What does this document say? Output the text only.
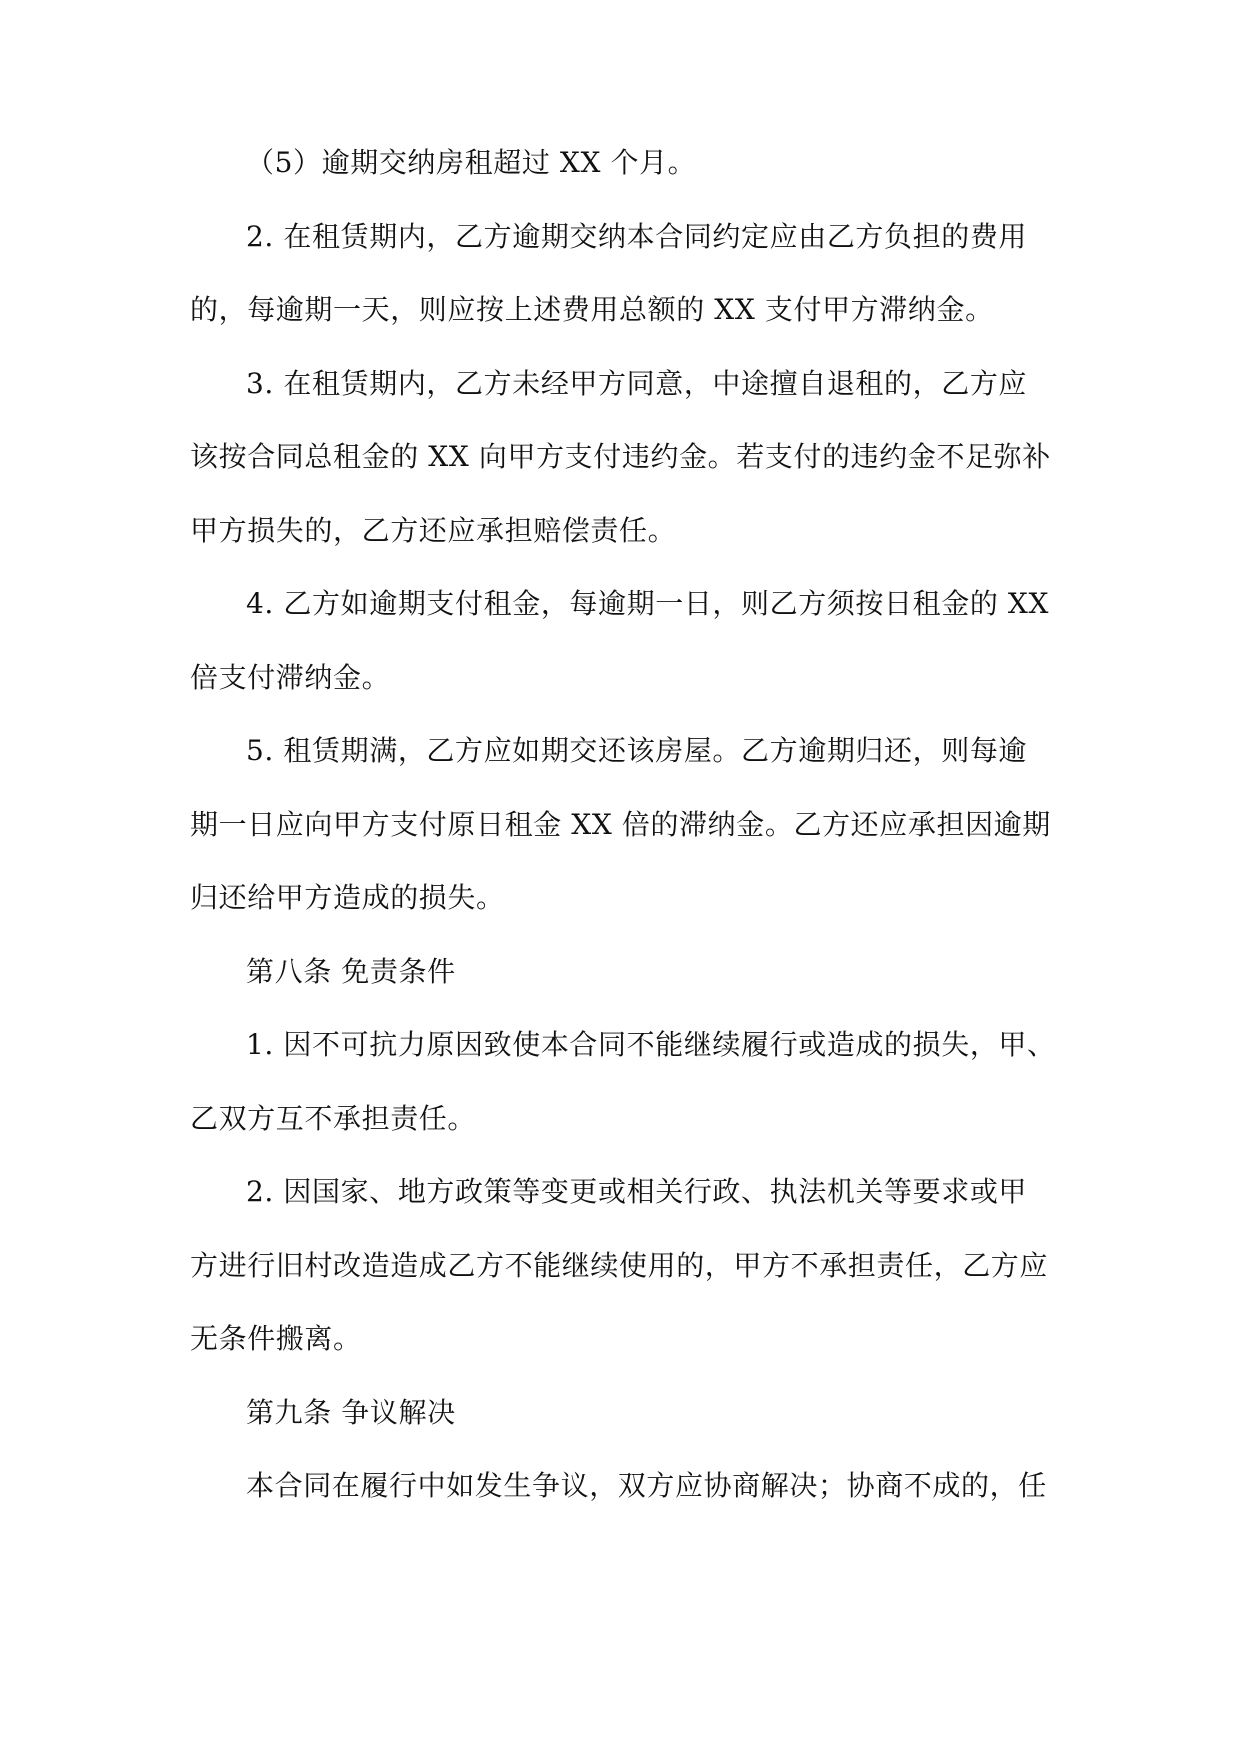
（5）逾期交纳房租超过 XX 个月。
2. 在租赁期内，乙方逾期交纳本合同约定应由乙方负担的费用
的，每逾期一天，则应按上述费用总额的 XX 支付甲方滞纳金。
3. 在租赁期内，乙方未经甲方同意，中途擅自退租的，乙方应
该按合同总租金的 XX 向甲方支付违约金。若支付的违约金不足弥补
甲方损失的，乙方还应承担赔偿责任。
4. 乙方如逾期支付租金，每逾期一日，则乙方须按日租金的 XX
倍支付滞纳金。
5. 租赁期满，乙方应如期交还该房屋。乙方逾期归还，则每逾
期一日应向甲方支付原日租金 XX 倍的滞纳金。乙方还应承担因逾期
归还给甲方造成的损失。
第八条 免责条件
1. 因不可抗力原因致使本合同不能继续履行或造成的损失，甲、
乙双方互不承担责任。
2. 因国家、地方政策等变更或相关行政、执法机关等要求或甲
方进行旧村改造造成乙方不能继续使用的，甲方不承担责任，乙方应
无条件搬离。
第九条 争议解决
本合同在履行中如发生争议，双方应协商解决；协商不成的，任
